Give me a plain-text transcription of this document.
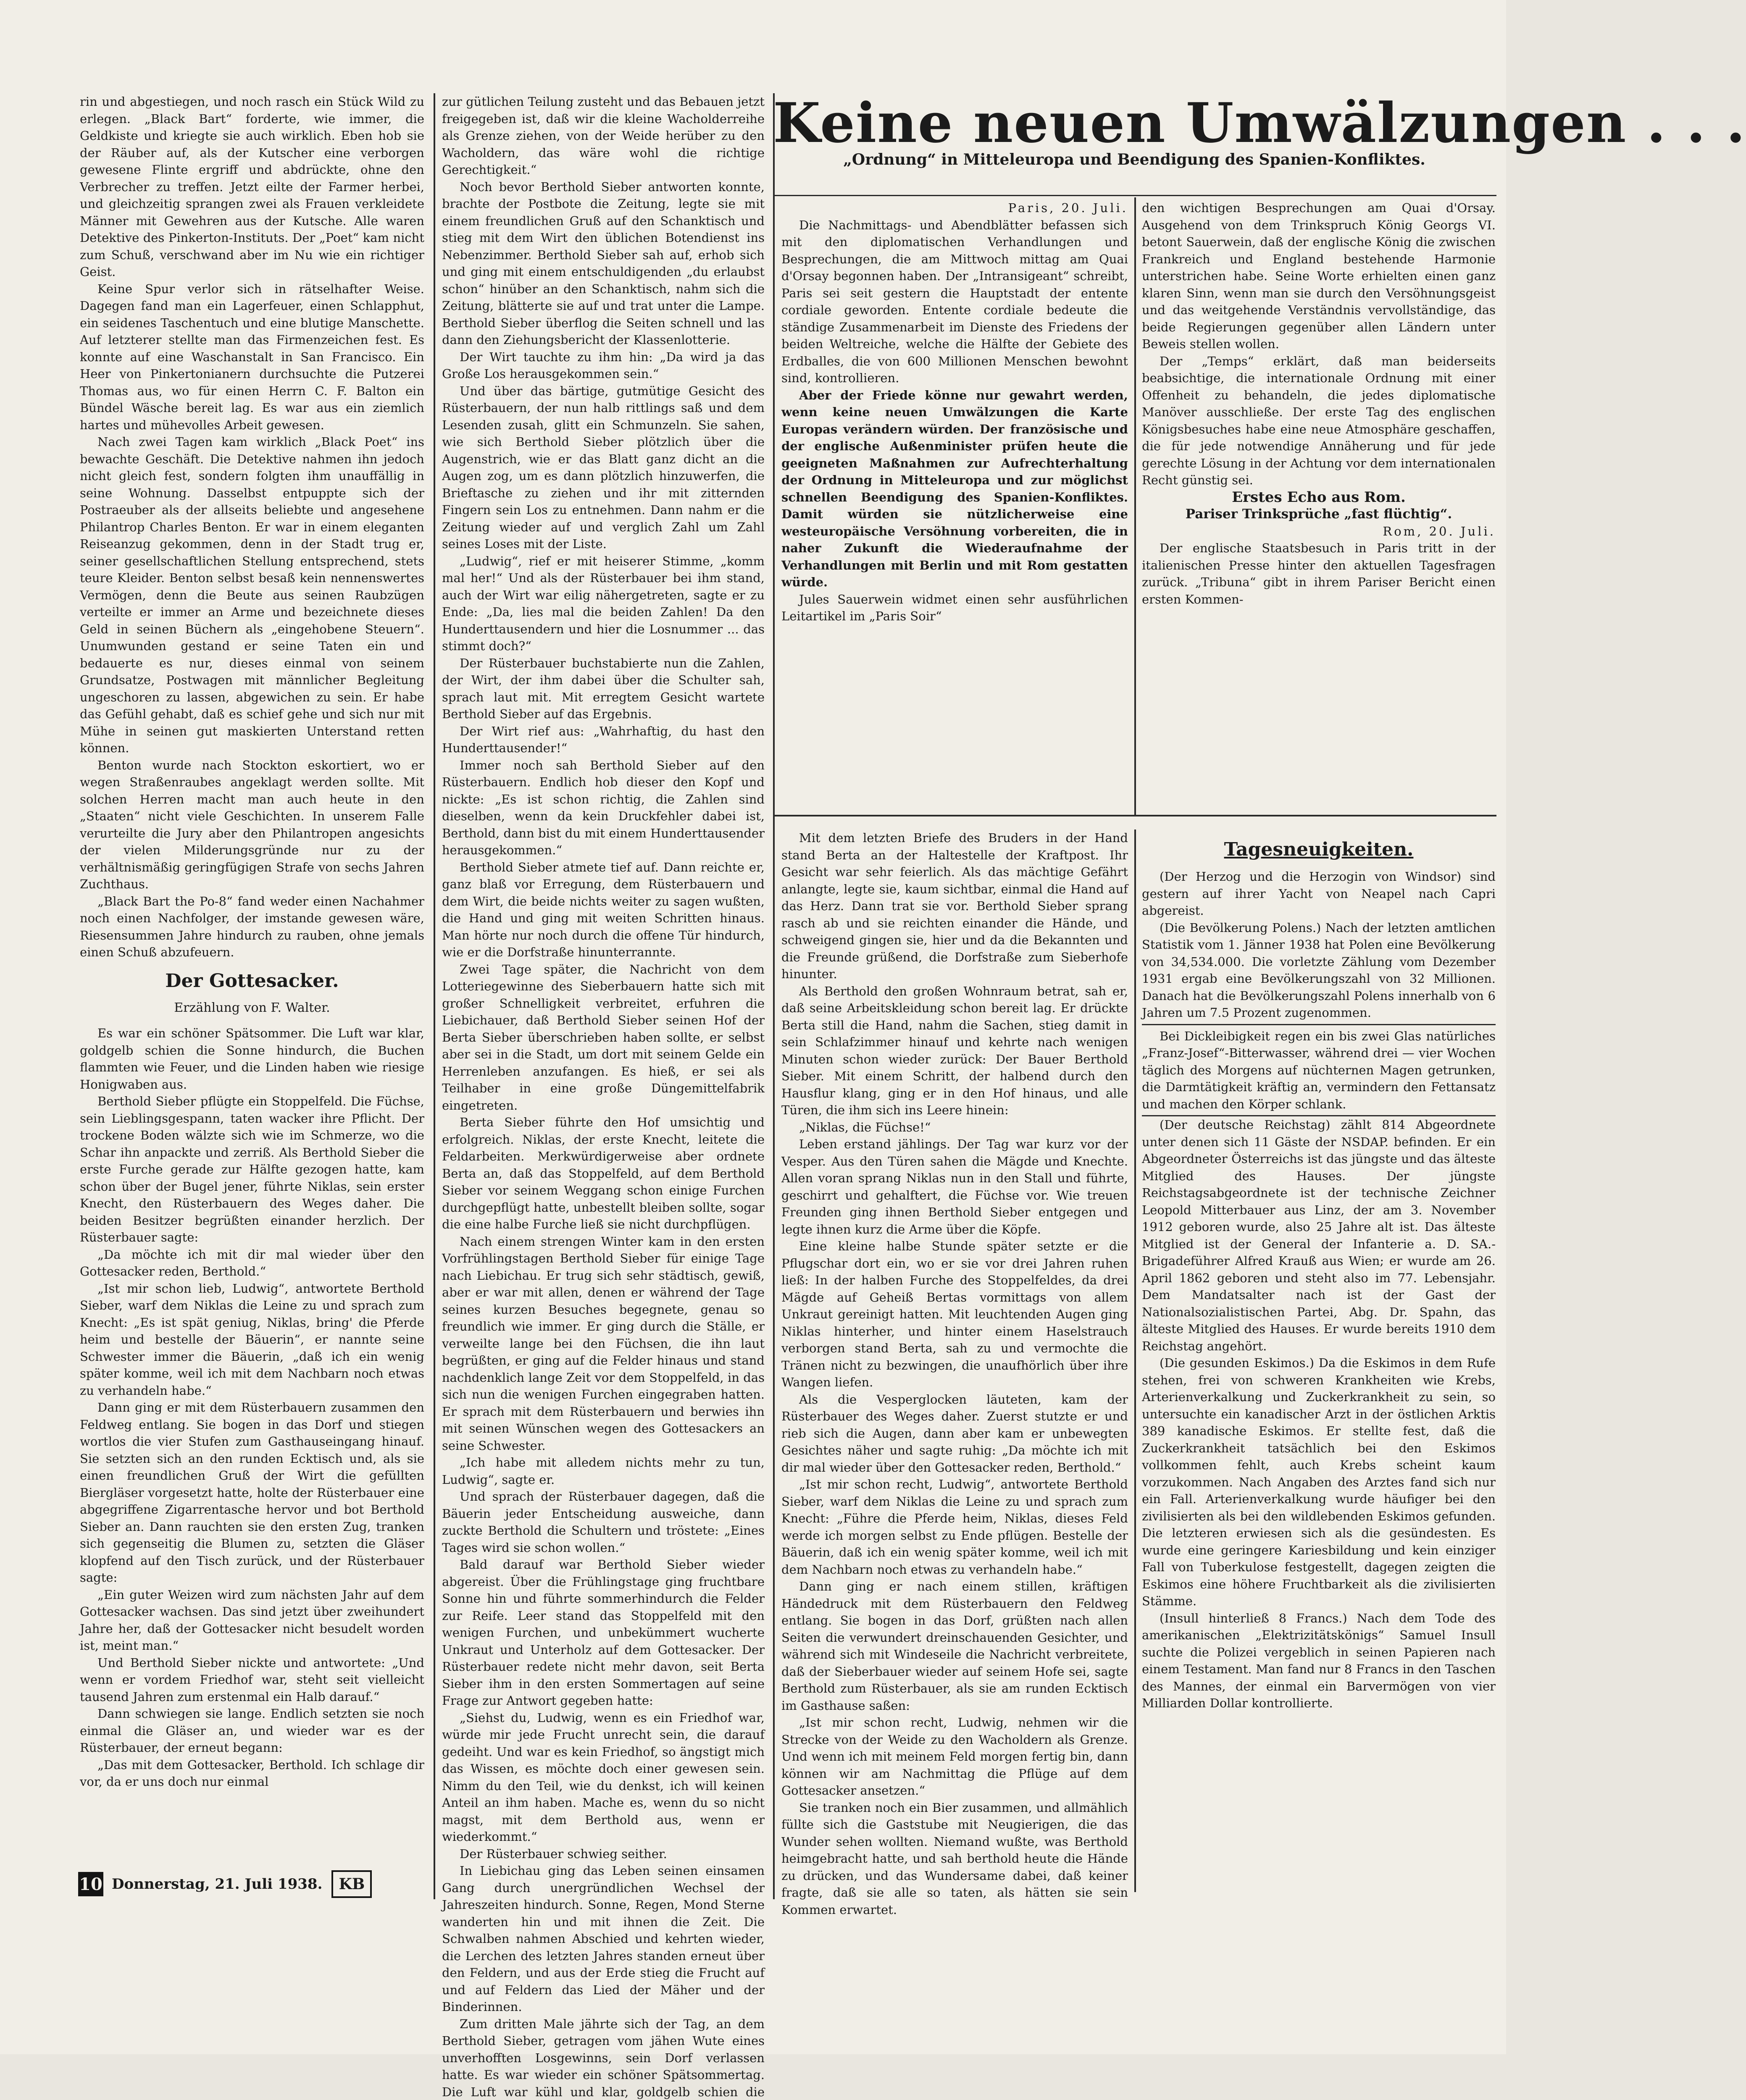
Keine neuen Umwälzungen . . .
„Ordnung“ in Mitteleuropa und Beendigung des Spanien-Konfliktes.

rin und abgestiegen, und noch rasch ein Stück Wild zu erlegen. „Black Bart“ forderte, wie immer, die Geldkiste und kriegte sie auch wirklich. Eben hob sie der Räuber auf, als der Kutscher eine verborgen gewesene Flinte ergriff und abdrückte, ohne den Verbrecher zu treffen. Jetzt eilte der Farmer herbei, und gleichzeitig sprangen zwei als Frauen verkleidete Männer mit Gewehren aus der Kutsche. Alle waren Detektive des Pinkerton-Instituts. Der „Poet“ kam nicht zum Schuß, verschwand aber im Nu wie ein richtiger Geist.

Keine Spur verlor sich in rätselhafter Weise. Dagegen fand man ein Lagerfeuer, einen Schlapphut, ein seidenes Taschentuch und eine blutige Manschette. Auf letzterer stellte man das Firmenzeichen fest. Es konnte auf eine Waschanstalt in San Francisco. Ein Heer von Pinkertonianern durchsuchte die Putzerei Thomas aus, wo für einen Herrn C. F. Balton ein Bündel Wäsche bereit lag. Es war aus ein ziemlich hartes und mühevolles Arbeit gewesen.

Nach zwei Tagen kam wirklich „Black Poet“ ins bewachte Geschäft. Die Detektive nahmen ihn jedoch nicht gleich fest, sondern folgten ihm unauffällig in seine Wohnung. Dasselbst entpuppte sich der Postraeuber als der allseits beliebte und angesehene Philantrop Charles Benton. Er war in einem eleganten Reiseanzug gekommen, denn in der Stadt trug er, seiner gesellschaftlichen Stellung entsprechend, stets teure Kleider. Benton selbst besaß kein nennenswertes Vermögen, denn die Beute aus seinen Raubzügen verteilte er immer an Arme und bezeichnete dieses Geld in seinen Büchern als „eingehobene Steuern“. Unumwunden gestand er seine Taten ein und bedauerte es nur, dieses einmal von seinem Grundsatze, Postwagen mit männlicher Begleitung ungeschoren zu lassen, abgewichen zu sein. Er habe das Gefühl gehabt, daß es schief gehe und sich nur mit Mühe in seinen gut maskierten Unterstand retten können.

Benton wurde nach Stockton eskortiert, wo er wegen Straßenraubes angeklagt werden sollte. Mit solchen Herren macht man auch heute in den „Staaten“ nicht viele Geschichten. In unserem Falle verurteilte die Jury aber den Philantropen angesichts der vielen Milderungsgründe nur zu der verhältnismäßig geringfügigen Strafe von sechs Jahren Zuchthaus.

„Black Bart the Po-8“ fand weder einen Nachahmer noch einen Nachfolger, der imstande gewesen wäre, Riesensummen Jahre hindurch zu rauben, ohne jemals einen Schuß abzufeuern.

Der Gottesacker.
Erzählung von F. Walter.

Es war ein schöner Spätsommer. Die Luft war klar, goldgelb schien die Sonne hindurch, die Buchen flammten wie Feuer, und die Linden haben wie riesige Honigwaben aus.

Berthold Sieber pflügte ein Stoppelfeld. Die Füchse, sein Lieblingsgespann, taten wacker ihre Pflicht. Der trockene Boden wälzte sich wie im Schmerze, wo die Schar ihn anpackte und zerriß. Als Berthold Sieber die erste Furche gerade zur Hälfte gezogen hatte, kam schon über der Bugel jener, führte Niklas, sein erster Knecht, den Rüsterbauern des Weges daher. Die beiden Besitzer begrüßten einander herzlich. Der Rüsterbauer sagte:

„Da möchte ich mit dir mal wieder über den Gottesacker reden, Berthold.“

„Ist mir schon lieb, Ludwig“, antwortete Berthold Sieber, warf dem Niklas die Leine zu und sprach zum Knecht: „Es ist spät geniug, Niklas, bring' die Pferde heim und bestelle der Bäuerin“, er nannte seine Schwester immer die Bäuerin, „daß ich ein wenig später komme, weil ich mit dem Nachbarn noch etwas zu verhandeln habe.“

Dann ging er mit dem Rüsterbauern zusammen den Feldweg entlang. Sie bogen in das Dorf und stiegen wortlos die vier Stufen zum Gasthauseingang hinauf. Sie setzten sich an den runden Ecktisch und, als sie einen freundlichen Gruß der Wirt die gefüllten Biergläser vorgesetzt hatte, holte der Rüsterbauer eine abgegriffene Zigarrentasche hervor und bot Berthold Sieber an. Dann rauchten sie den ersten Zug, tranken sich gegenseitig die Blumen zu, setzten die Gläser klopfend auf den Tisch zurück, und der Rüsterbauer sagte:

„Ein guter Weizen wird zum nächsten Jahr auf dem Gottesacker wachsen. Das sind jetzt über zweihundert Jahre her, daß der Gottesacker nicht besudelt worden ist, meint man.“

Und Berthold Sieber nickte und antwortete: „Und wenn er vordem Friedhof war, steht seit vielleicht tausend Jahren zum erstenmal ein Halb darauf.“

Dann schwiegen sie lange. Endlich setzten sie noch einmal die Gläser an, und wieder war es der Rüsterbauer, der erneut begann:

„Das mit dem Gottesacker, Berthold. Ich schlage dir vor, da er uns doch nur einmal

zur gütlichen Teilung zusteht und das Bebauen jetzt freigegeben ist, daß wir die kleine Wacholderreihe als Grenze ziehen, von der Weide herüber zu den Wacholdern, das wäre wohl die richtige Gerechtigkeit.“

Noch bevor Berthold Sieber antworten konnte, brachte der Postbote die Zeitung, legte sie mit einem freundlichen Gruß auf den Schanktisch und stieg mit dem Wirt den üblichen Botendienst ins Nebenzimmer. Berthold Sieber sah auf, erhob sich und ging mit einem entschuldigenden „du erlaubst schon“ hinüber an den Schanktisch, nahm sich die Zeitung, blätterte sie auf und trat unter die Lampe. Berthold Sieber überflog die Seiten schnell und las dann den Ziehungsbericht der Klassenlotterie.

Der Wirt tauchte zu ihm hin: „Da wird ja das Große Los herausgekommen sein.“

Und über das bärtige, gutmütige Gesicht des Rüsterbauern, der nun halb rittlings saß und dem Lesenden zusah, glitt ein Schmunzeln. Sie sahen, wie sich Berthold Sieber plötzlich über die Augenstrich, wie er das Blatt ganz dicht an die Augen zog, um es dann plötzlich hinzuwerfen, die Brieftasche zu ziehen und ihr mit zitternden Fingern sein Los zu entnehmen. Dann nahm er die Zeitung wieder auf und verglich Zahl um Zahl seines Loses mit der Liste.

„Ludwig“, rief er mit heiserer Stimme, „komm mal her!“ Und als der Rüsterbauer bei ihm stand, auch der Wirt war eilig nähergetreten, sagte er zu Ende: „Da, lies mal die beiden Zahlen! Da den Hunderttausendern und hier die Losnummer ... das stimmt doch?“

Der Rüsterbauer buchstabierte nun die Zahlen, der Wirt, der ihm dabei über die Schulter sah, sprach laut mit. Mit erregtem Gesicht wartete Berthold Sieber auf das Ergebnis.

Der Wirt rief aus: „Wahrhaftig, du hast den Hunderttausender!“

Immer noch sah Berthold Sieber auf den Rüsterbauern. Endlich hob dieser den Kopf und nickte: „Es ist schon richtig, die Zahlen sind dieselben, wenn da kein Druckfehler dabei ist, Berthold, dann bist du mit einem Hunderttausender herausgekommen.“

Berthold Sieber atmete tief auf. Dann reichte er, ganz blaß vor Erregung, dem Rüsterbauern und dem Wirt, die beide nichts weiter zu sagen wußten, die Hand und ging mit weiten Schritten hinaus. Man hörte nur noch durch die offene Tür hindurch, wie er die Dorfstraße hinunterrannte.

Zwei Tage später, die Nachricht von dem Lotteriegewinne des Sieberbauern hatte sich mit großer Schnelligkeit verbreitet, erfuhren die Liebichauer, daß Berthold Sieber seinen Hof der Berta Sieber überschrieben haben sollte, er selbst aber sei in die Stadt, um dort mit seinem Gelde ein Herrenleben anzufangen. Es hieß, er sei als Teilhaber in eine große Düngemittelfabrik eingetreten.

Berta Sieber führte den Hof umsichtig und erfolgreich. Niklas, der erste Knecht, leitete die Feldarbeiten. Merkwürdigerweise aber ordnete Berta an, daß das Stoppelfeld, auf dem Berthold Sieber vor seinem Weggang schon einige Furchen durchgepflügt hatte, unbestellt bleiben sollte, sogar die eine halbe Furche ließ sie nicht durchpflügen.

Nach einem strengen Winter kam in den ersten Vorfrühlingstagen Berthold Sieber für einige Tage nach Liebichau. Er trug sich sehr städtisch, gewiß, aber er war mit allen, denen er während der Tage seines kurzen Besuches begegnete, genau so freundlich wie immer. Er ging durch die Ställe, er verweilte lange bei den Füchsen, die ihn laut begrüßten, er ging auf die Felder hinaus und stand nachdenklich lange Zeit vor dem Stoppelfeld, in das sich nun die wenigen Furchen eingegraben hatten. Er sprach mit dem Rüsterbauern und berwies ihn mit seinen Wünschen wegen des Gottesackers an seine Schwester.

„Ich habe mit alledem nichts mehr zu tun, Ludwig“, sagte er.

Und sprach der Rüsterbauer dagegen, daß die Bäuerin jeder Entscheidung ausweiche, dann zuckte Berthold die Schultern und tröstete: „Eines Tages wird sie schon wollen.“

Bald darauf war Berthold Sieber wieder abgereist. Über die Frühlingstage ging fruchtbare Sonne hin und führte sommerhindurch die Felder zur Reife. Leer stand das Stoppelfeld mit den wenigen Furchen, und unbekümmert wucherte Unkraut und Unterholz auf dem Gottesacker. Der Rüsterbauer redete nicht mehr davon, seit Berta Sieber ihm in den ersten Sommertagen auf seine Frage zur Antwort gegeben hatte:

„Siehst du, Ludwig, wenn es ein Friedhof war, würde mir jede Frucht unrecht sein, die darauf gedeiht. Und war es kein Friedhof, so ängstigt mich das Wissen, es möchte doch einer gewesen sein. Nimm du den Teil, wie du denkst, ich will keinen Anteil an ihm haben. Mache es, wenn du so nicht magst, mit dem Berthold aus, wenn er wiederkommt.“

Der Rüsterbauer schwieg seither.

In Liebichau ging das Leben seinen einsamen Gang durch unergründlichen Wechsel der Jahreszeiten hindurch. Sonne, Regen, Mond Sterne wanderten hin und mit ihnen die Zeit. Die Schwalben nahmen Abschied und kehrten wieder, die Lerchen des letzten Jahres standen erneut über den Feldern, und aus der Erde stieg die Frucht auf und auf Feldern das Lied der Mäher und der Binderinnen.

Zum dritten Male jährte sich der Tag, an dem Berthold Sieber, getragen vom jähen Wute eines unverhofften Losgewinns, sein Dorf verlassen hatte. Es war wieder ein schöner Spätsommertag. Die Luft war kühl und klar, goldgelb schien die

Paris, 20. Juli.

Die Nachmittags- und Abendblätter befassen sich mit den diplomatischen Verhandlungen und Besprechungen, die am Mittwoch mittag am Quai d'Orsay begonnen haben. Der „Intransigeant“ schreibt, Paris sei seit gestern die Hauptstadt der entente cordiale geworden. Entente cordiale bedeute die ständige Zusammenarbeit im Dienste des Friedens der beiden Weltreiche, welche die Hälfte der Gebiete des Erdballes, die von 600 Millionen Menschen bewohnt sind, kontrollieren.

Aber der Friede könne nur gewahrt werden, wenn keine neuen Umwälzungen die Karte Europas verändern würden. Der französische und der englische Außenminister prüfen heute die geeigneten Maßnahmen zur Aufrechterhaltung der Ordnung in Mitteleuropa und zur möglichst schnellen Beendigung des Spanien-Konfliktes. Damit würden sie nützlicherweise eine westeuropäische Versöhnung vorbereiten, die in naher Zukunft die Wiederaufnahme der Verhandlungen mit Berlin und mit Rom gestatten würde.

Jules Sauerwein widmet einen sehr ausführlichen Leitartikel im „Paris Soir“

den wichtigen Besprechungen am Quai d'Orsay. Ausgehend von dem Trinkspruch König Georgs VI. betont Sauerwein, daß der englische König die zwischen Frankreich und England bestehende Harmonie unterstrichen habe. Seine Worte erhielten einen ganz klaren Sinn, wenn man sie durch den Versöhnungsgeist und das weitgehende Verständnis vervollständige, das beide Regierungen gegenüber allen Ländern unter Beweis stellen wollen.

Der „Temps“ erklärt, daß man beiderseits beabsichtige, die internationale Ordnung mit einer Offenheit zu behandeln, die jedes diplomatische Manöver ausschließe. Der erste Tag des englischen Königsbesuches habe eine neue Atmosphäre geschaffen, die für jede notwendige Annäherung und für jede gerechte Lösung in der Achtung vor dem internationalen Recht günstig sei.

Erstes Echo aus Rom.

Pariser Trinksprüche „fast flüchtig“.

Rom, 20. Juli.

Der englische Staatsbesuch in Paris tritt in der italienischen Presse hinter den aktuellen Tagesfragen zurück. „Tribuna“ gibt in ihrem Pariser Bericht einen ersten Kommen-

Mit dem letzten Briefe des Bruders in der Hand stand Berta an der Haltestelle der Kraftpost. Ihr Gesicht war sehr feierlich. Als das mächtige Gefährt anlangte, legte sie, kaum sichtbar, einmal die Hand auf das Herz. Dann trat sie vor. Berthold Sieber sprang rasch ab und sie reichten einander die Hände, und schweigend gingen sie, hier und da die Bekannten und die Freunde grüßend, die Dorfstraße zum Sieberhofe hinunter.

Als Berthold den großen Wohnraum betrat, sah er, daß seine Arbeitskleidung schon bereit lag. Er drückte Berta still die Hand, nahm die Sachen, stieg damit in sein Schlafzimmer hinauf und kehrte nach wenigen Minuten schon wieder zurück: Der Bauer Berthold Sieber. Mit einem Schritt, der halbend durch den Hausflur klang, ging er in den Hof hinaus, und alle Türen, die ihm sich ins Leere hinein:

„Niklas, die Füchse!“

Leben erstand jählings. Der Tag war kurz vor der Vesper. Aus den Türen sahen die Mägde und Knechte. Allen voran sprang Niklas nun in den Stall und führte, geschirrt und gehalftert, die Füchse vor. Wie treuen Freunden ging ihnen Berthold Sieber entgegen und legte ihnen kurz die Arme über die Köpfe.

Eine kleine halbe Stunde später setzte er die Pflugschar dort ein, wo er sie vor drei Jahren ruhen ließ: In der halben Furche des Stoppelfeldes, da drei Mägde auf Geheiß Bertas vormittags von allem Unkraut gereinigt hatten. Mit leuchtenden Augen ging Niklas hinterher, und hinter einem Haselstrauch verborgen stand Berta, sah zu und vermochte die Tränen nicht zu bezwingen, die unaufhörlich über ihre Wangen liefen.

Als die Vesperglocken läuteten, kam der Rüsterbauer des Weges daher. Zuerst stutzte er und rieb sich die Augen, dann aber kam er unbewegten Gesichtes näher und sagte ruhig: „Da möchte ich mit dir mal wieder über den Gottesacker reden, Berthold.“

„Ist mir schon recht, Ludwig“, antwortete Berthold Sieber, warf dem Niklas die Leine zu und sprach zum Knecht: „Führe die Pferde heim, Niklas, dieses Feld werde ich morgen selbst zu Ende pflügen. Bestelle der Bäuerin, daß ich ein wenig später komme, weil ich mit dem Nachbarn noch etwas zu verhandeln habe.“

Dann ging er nach einem stillen, kräftigen Händedruck mit dem Rüsterbauern den Feldweg entlang. Sie bogen in das Dorf, grüßten nach allen Seiten die verwundert dreinschauenden Gesichter, und während sich mit Windeseile die Nachricht verbreitete, daß der Sieberbauer wieder auf seinem Hofe sei, sagte Berthold zum Rüsterbauer, als sie am runden Ecktisch im Gasthause saßen:

„Ist mir schon recht, Ludwig, nehmen wir die Strecke von der Weide zu den Wacholdern als Grenze. Und wenn ich mit meinem Feld morgen fertig bin, dann können wir am Nachmittag die Pflüge auf dem Gottesacker ansetzen.“

Sie tranken noch ein Bier zusammen, und allmählich füllte sich die Gaststube mit Neugierigen, die das Wunder sehen wollten. Niemand wußte, was Berthold heimgebracht hatte, und sah berthold heute die Hände zu drücken, und das Wundersame dabei, daß keiner fragte, daß sie alle so taten, als hätten sie sein Kommen erwartet.

Tagesneuigkeiten.

(Der Herzog und die Herzogin von Windsor) sind gestern auf ihrer Yacht von Neapel nach Capri abgereist.

(Die Bevölkerung Polens.) Nach der letzten amtlichen Statistik vom 1. Jänner 1938 hat Polen eine Bevölkerung von 34,534.000. Die vorletzte Zählung vom Dezember 1931 ergab eine Bevölkerungszahl von 32 Millionen. Danach hat die Bevölkerungszahl Polens innerhalb von 6 Jahren um 7.5 Prozent zugenommen.

Bei Dickleibigkeit regen ein bis zwei Glas natürliches „Franz-Josef“-Bitterwasser, während drei — vier Wochen täglich des Morgens auf nüchternen Magen getrunken, die Darmtätigkeit kräftig an, vermindern den Fettansatz und machen den Körper schlank.

(Der deutsche Reichstag) zählt 814 Abgeordnete unter denen sich 11 Gäste der NSDAP. befinden. Er ein Abgeordneter Österreichs ist das jüngste und das älteste Mitglied des Hauses. Der jüngste Reichstagsabgeordnete ist der technische Zeichner Leopold Mitterbauer aus Linz, der am 3. November 1912 geboren wurde, also 25 Jahre alt ist. Das älteste Mitglied ist der General der Infanterie a. D. SA.-Brigadeführer Alfred Krauß aus Wien; er wurde am 26. April 1862 geboren und steht also im 77. Lebensjahr. Dem Mandatsalter nach ist der Gast der Nationalsozialistischen Partei, Abg. Dr. Spahn, das älteste Mitglied des Hauses. Er wurde bereits 1910 dem Reichstag angehört.

(Die gesunden Eskimos.) Da die Eskimos in dem Rufe stehen, frei von schweren Krankheiten wie Krebs, Arterienverkalkung und Zuckerkrankheit zu sein, so untersuchte ein kanadischer Arzt in der östlichen Arktis 389 kanadische Eskimos. Er stellte fest, daß die Zuckerkrankheit tatsächlich bei den Eskimos vollkommen fehlt, auch Krebs scheint kaum vorzukommen. Nach Angaben des Arztes fand sich nur ein Fall. Arterienverkalkung wurde häufiger bei den zivilisierten als bei den wildlebenden Eskimos gefunden. Die letzteren erwiesen sich als die gesündesten. Es wurde eine geringere Kariesbildung und kein einziger Fall von Tuberkulose festgestellt, dagegen zeigten die Eskimos eine höhere Fruchtbarkeit als die zivilisierten Stämme.

(Insull hinterließ 8 Francs.) Nach dem Tode des amerikanischen „Elektrizitätskönigs“ Samuel Insull suchte die Polizei vergeblich in seinen Papieren nach einem Testament. Man fand nur 8 Francs in den Taschen des Mannes, der einmal ein Barvermögen von vier Milliarden Dollar kontrollierte.

10 Donnerstag, 21. Juli 1938.	KB
